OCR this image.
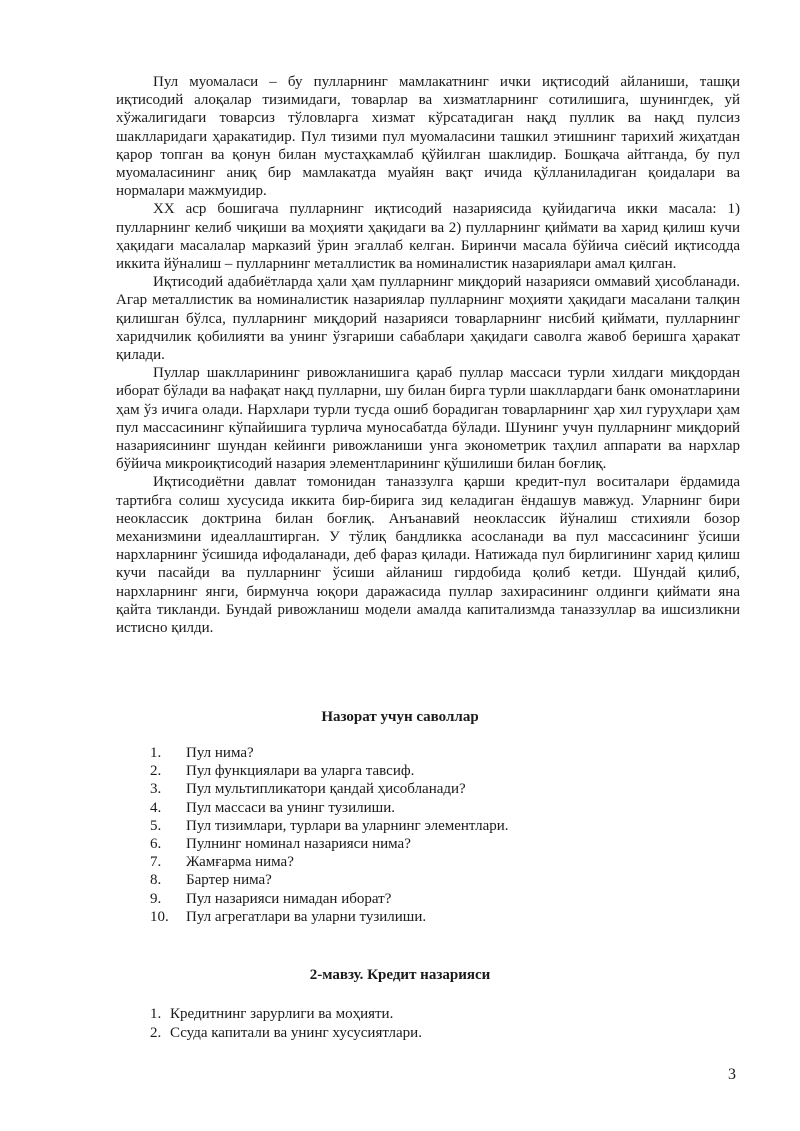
Пул муомаласи – бу пулларнинг мамлакатнинг ички иқтисодий айланиши, ташқи иқтисодий алоқалар тизимидаги, товарлар ва хизматларнинг сотилишига, шунингдек, уй хўжалигидаги товарсиз тўловларга хизмат кўрсатадиган нақд пуллик ва нақд пулсиз шаклларидаги ҳаракатидир. Пул тизими пул муомаласини ташкил этишнинг тарихий жиҳатдан қарор топган ва қонун билан мустаҳкамлаб қўйилган шаклидир. Бошқача айтганда, бу пул муомаласининг аниқ бир мамлакатда муайян вақт ичида қўлланиладиган қоидалари ва нормалари мажмуидир.

XX аср бошигача пулларнинг иқтисодий назариясида қуйидагича икки масала: 1) пулларнинг келиб чиқиши ва моҳияти ҳақидаги ва 2) пулларнинг қиймати ва харид қилиш кучи ҳақидаги масалалар марказий ўрин эгаллаб келган. Биринчи масала бўйича сиёсий иқтисодда иккита йўналиш – пулларнинг металлистик ва номиналистик назариялари амал қилган.

Иқтисодий адабиётларда ҳали ҳам пулларнинг миқдорий назарияси оммавий ҳисобланади. Агар металлистик ва номиналистик назариялар пулларнинг моҳияти ҳақидаги масалани талқин қилишган бўлса, пулларнинг миқдорий назарияси товарларнинг нисбий қиймати, пулларнинг харидчилик қобилияти ва унинг ўзгариши сабаблари ҳақидаги саволга жавоб беришга ҳаракат қилади.

Пуллар шаклларининг ривожланишига қараб пуллар массаси турли хилдаги миқдордан иборат бўлади ва нафақат нақд пулларни, шу билан бирга турли шакллардаги банк омонатларини ҳам ўз ичига олади. Нархлари турли тусда ошиб борадиган товарларнинг ҳар хил гуруҳлари ҳам пул массасининг кўпайишига турлича муносабатда бўлади. Шунинг учун пулларнинг миқдорий назариясининг шундан кейинги ривожланиши унга эконометрик таҳлил аппарати ва нархлар бўйича микроиқтисодий назария элементларининг қўшилиши билан боғлиқ.

Иқтисодиётни давлат томонидан таназзулга қарши кредит-пул воситалари ёрдамида тартибга солиш хусусида иккита бир-бирига зид келадиган ёндашув мавжуд. Уларнинг бири неоклассик доктрина билан боғлиқ. Анъанавий неоклассик йўналиш стихияли бозор механизмини идеаллаштирган. У тўлиқ бандликка асосланади ва пул массасининг ўсиши нархларнинг ўсишида ифодаланади, деб фараз қилади. Натижада пул бирлигининг харид қилиш кучи пасайди ва пулларнинг ўсиши айланиш гирдобида қолиб кетди. Шундай қилиб, нархларнинг янги, бирмунча юқори даражасида пуллар захирасининг олдинги қиймати яна қайта тикланди. Бундай ривожланиш модели амалда капитализмда таназзуллар ва ишсизликни истисно қилди.

Назорат учун саволлар
1.	Пул нима?
2.	Пул функциялари ва уларга тавсиф.
3.	Пул мультипликатори қандай ҳисобланади?
4.	Пул массаси ва унинг тузилиши.
5.	Пул тизимлари, турлари ва уларнинг элементлари.
6.	Пулнинг номинал назарияси нима?
7.	Жамғарма нима?
8.	Бартер нима?
9.	Пул назарияси нимадан иборат?
10.	Пул агрегатлари ва уларни тузилиши.
2-мавзу. Кредит назарияси
1. Кредитнинг зарурлиги ва моҳияти.
2. Ссуда капитали ва унинг хусусиятлари.
3
